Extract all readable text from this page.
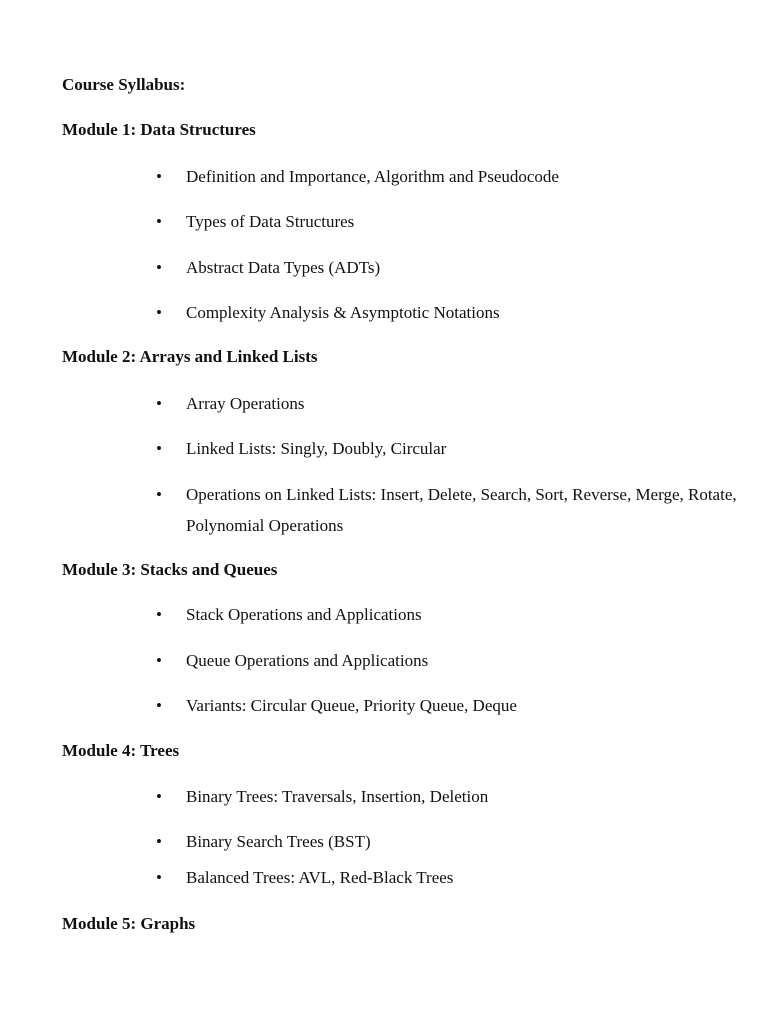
Course Syllabus:
Module 1: Data Structures
•	Definition and Importance, Algorithm and Pseudocode
•	Types of Data Structures
•	Abstract Data Types (ADTs)
•	Complexity Analysis & Asymptotic Notations
Module 2: Arrays and Linked Lists
•	Array Operations
•	Linked Lists: Singly, Doubly, Circular
•	Operations on Linked Lists: Insert, Delete, Search, Sort, Reverse, Merge, Rotate, Polynomial Operations
Module 3: Stacks and Queues
•	Stack Operations and Applications
•	Queue Operations and Applications
•	Variants: Circular Queue, Priority Queue, Deque
Module 4: Trees
•	Binary Trees: Traversals, Insertion, Deletion
•	Binary Search Trees (BST)
•	Balanced Trees: AVL, Red-Black Trees
Module 5: Graphs
